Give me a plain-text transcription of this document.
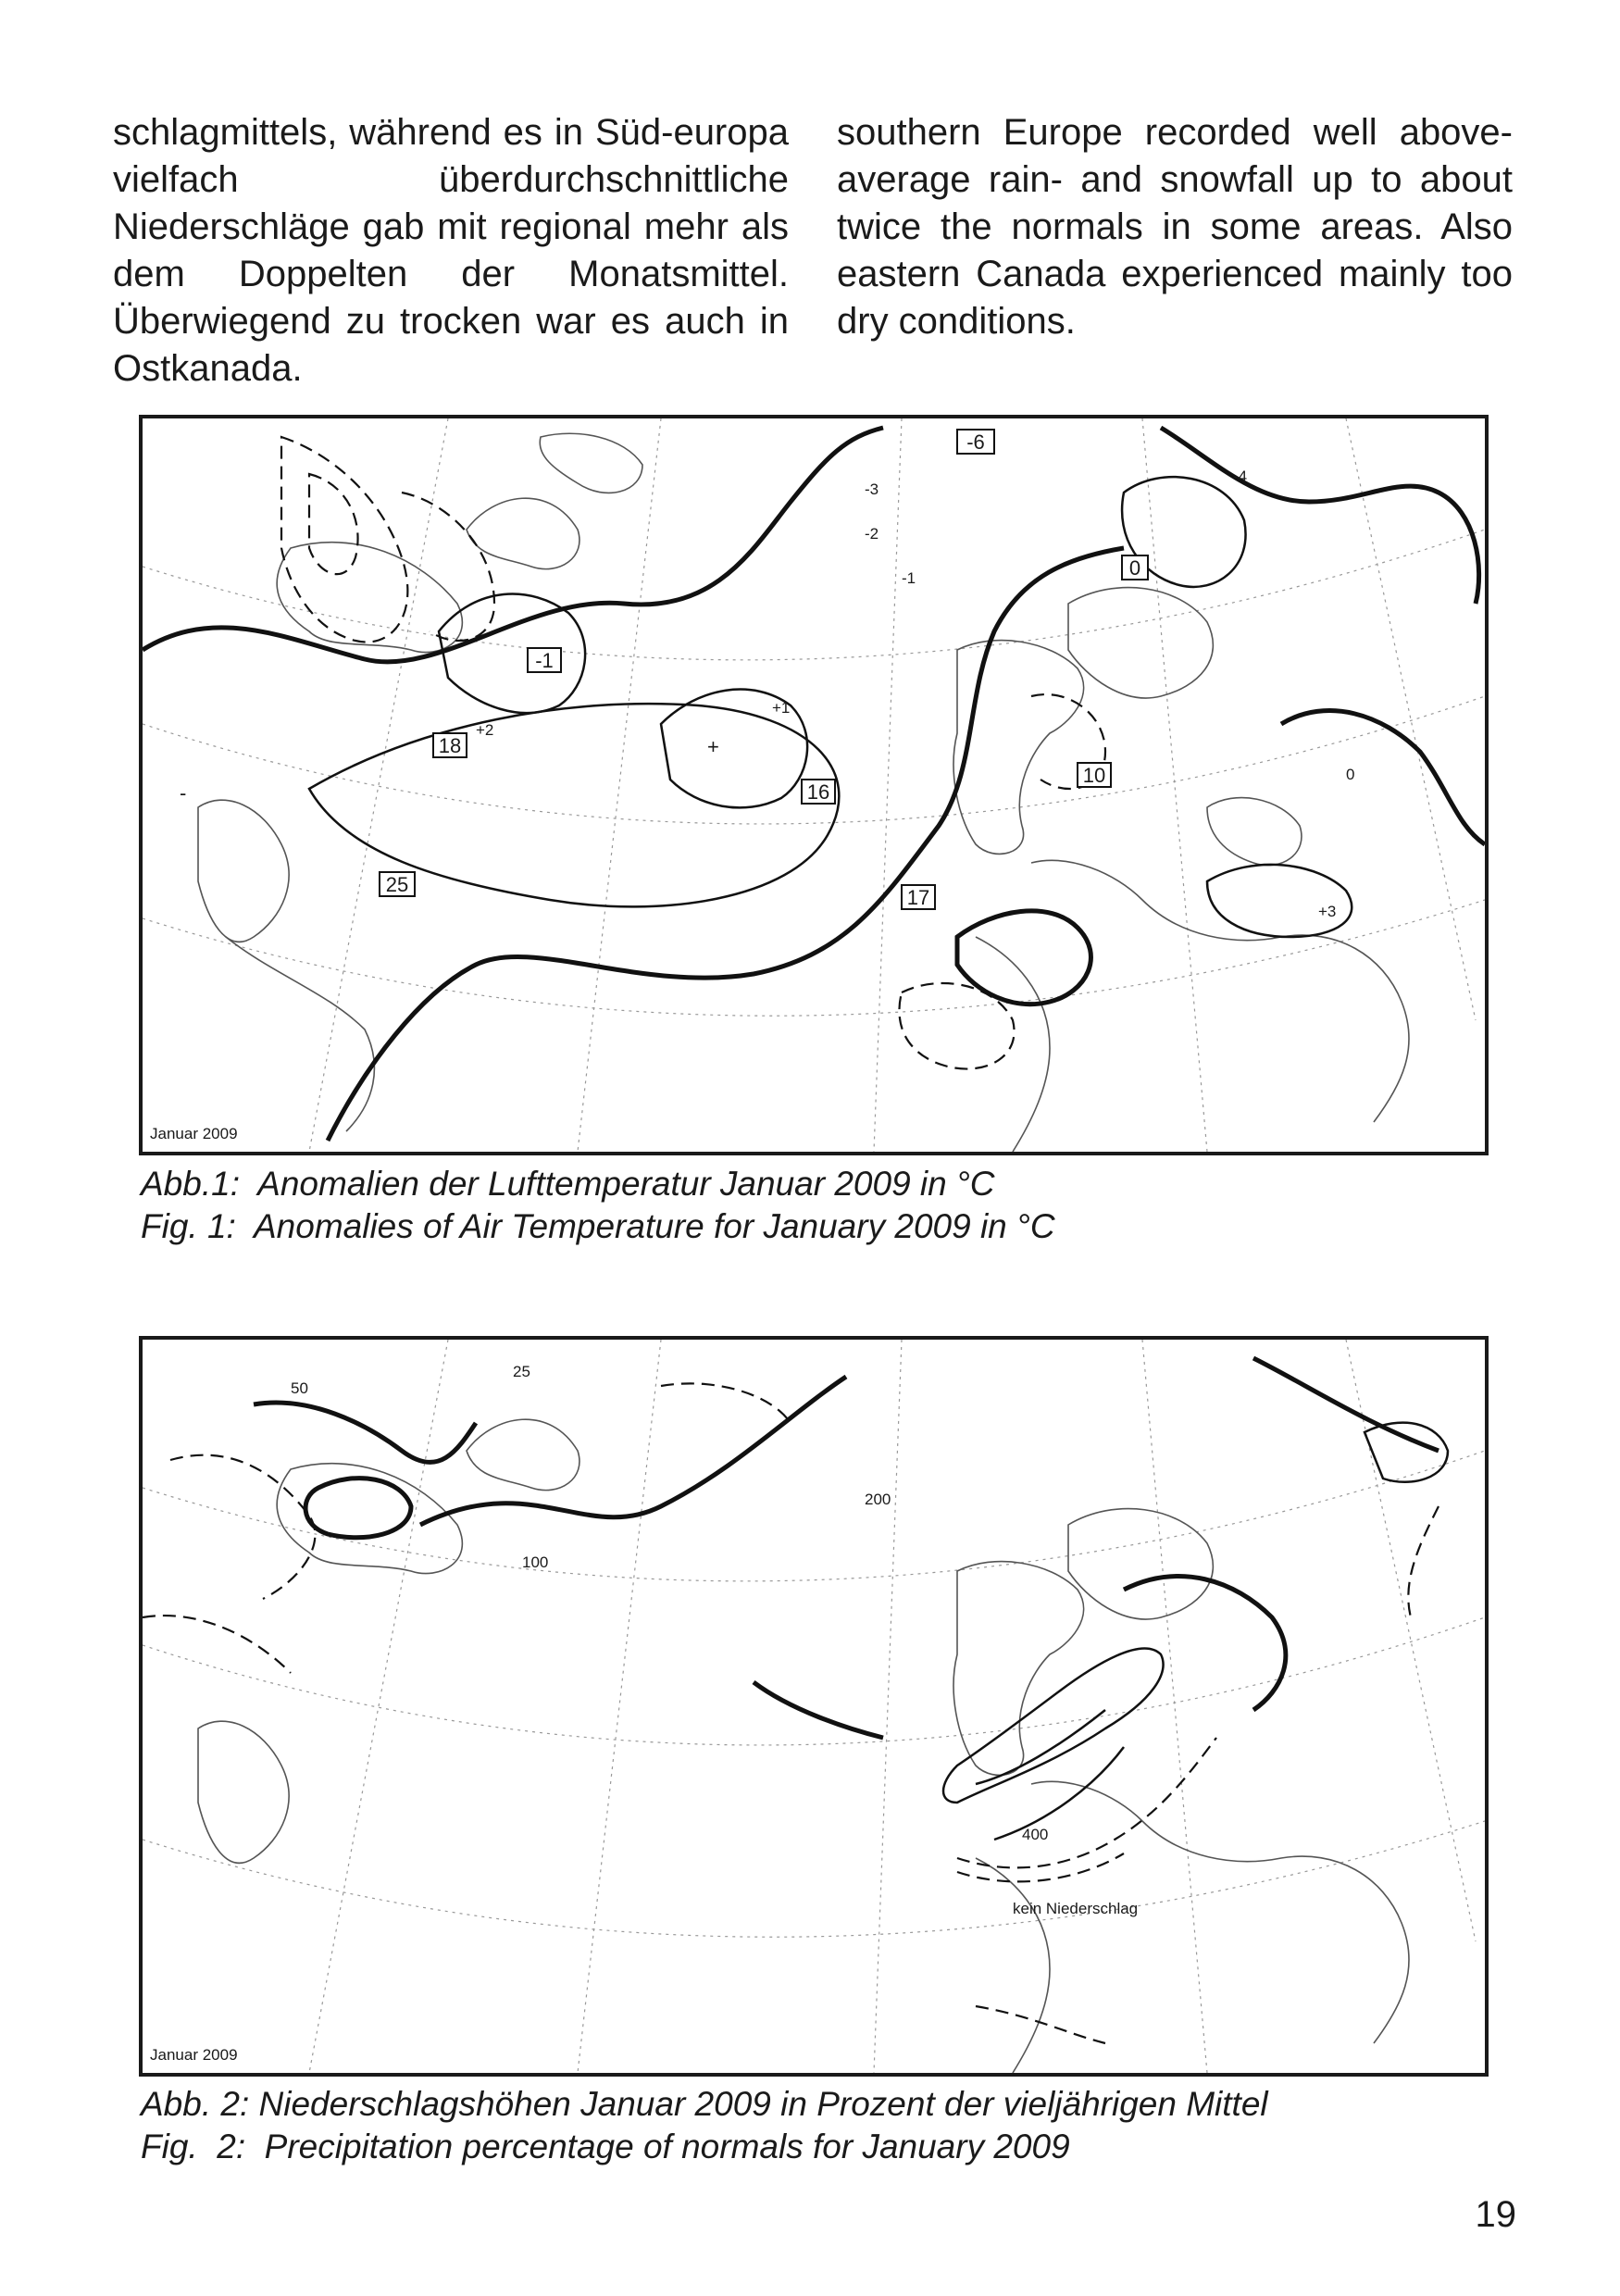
schlagmittels, während es in Süd-europa vielfach überdurchschnittliche Niederschläge gab mit regional mehr als dem Doppelten der Monatsmittel. Überwiegend zu trocken war es auch in Ostkanada.

southern Europe recorded well above-average rain- and snowfall up to about twice the normals in some areas. Also eastern Canada experienced mainly too dry conditions.

-6
0
-1
18
16
10
17
25
-3
-4
-2
-1
0
+1
+2
+3
+
-
Januar 2009
Abb.1:  Anomalien der Lufttemperatur Januar 2009 in °C
Fig. 1:  Anomalies of Air Temperature for January 2009 in °C
25
50
100
200
400
kein Niederschlag
Januar 2009
Abb. 2: Niederschlagshöhen Januar 2009 in Prozent der vieljährigen Mittel
Fig.  2:  Precipitation percentage of normals for January 2009
19
